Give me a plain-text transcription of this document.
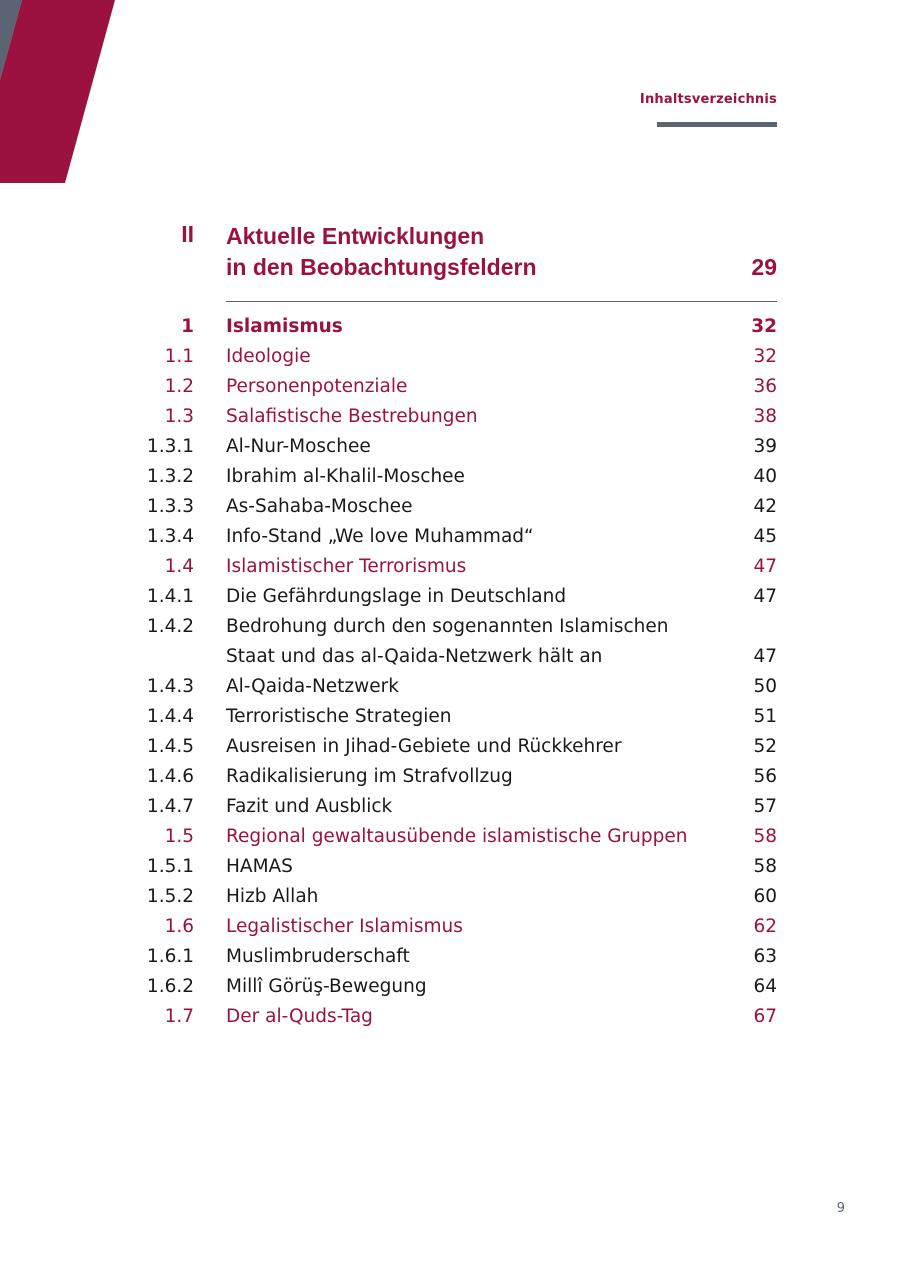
Inhaltsverzeichnis
II Aktuelle Entwicklungen
in den Beobachtungsfeldern	29
1 Islamismus	32
1.1 Ideologie	32
1.2 Personenpotenziale	36
1.3 Salafistische Bestrebungen	38
1.3.1 Al-Nur-Moschee	39
1.3.2 Ibrahim al-Khalil-Moschee	40
1.3.3 As-Sahaba-Moschee	42
1.3.4 Info-Stand „We love Muhammad“	45
1.4 Islamistischer Terrorismus	47
1.4.1 Die Gefährdungslage in Deutschland	47
1.4.2 Bedrohung durch den sogenannten Islamischen Staat und das al-Qaida-Netzwerk hält an	47
1.4.3 Al-Qaida-Netzwerk	50
1.4.4 Terroristische Strategien	51
1.4.5 Ausreisen in Jihad-Gebiete und Rückkehrer	52
1.4.6 Radikalisierung im Strafvollzug	56
1.4.7 Fazit und Ausblick	57
1.5 Regional gewaltausübende islamistische Gruppen	58
1.5.1 HAMAS	58
1.5.2 Hizb Allah	60
1.6 Legalistischer Islamismus	62
1.6.1 Muslimbruderschaft	63
1.6.2 Millî Görüş-Bewegung	64
1.7 Der al-Quds-Tag	67
9
